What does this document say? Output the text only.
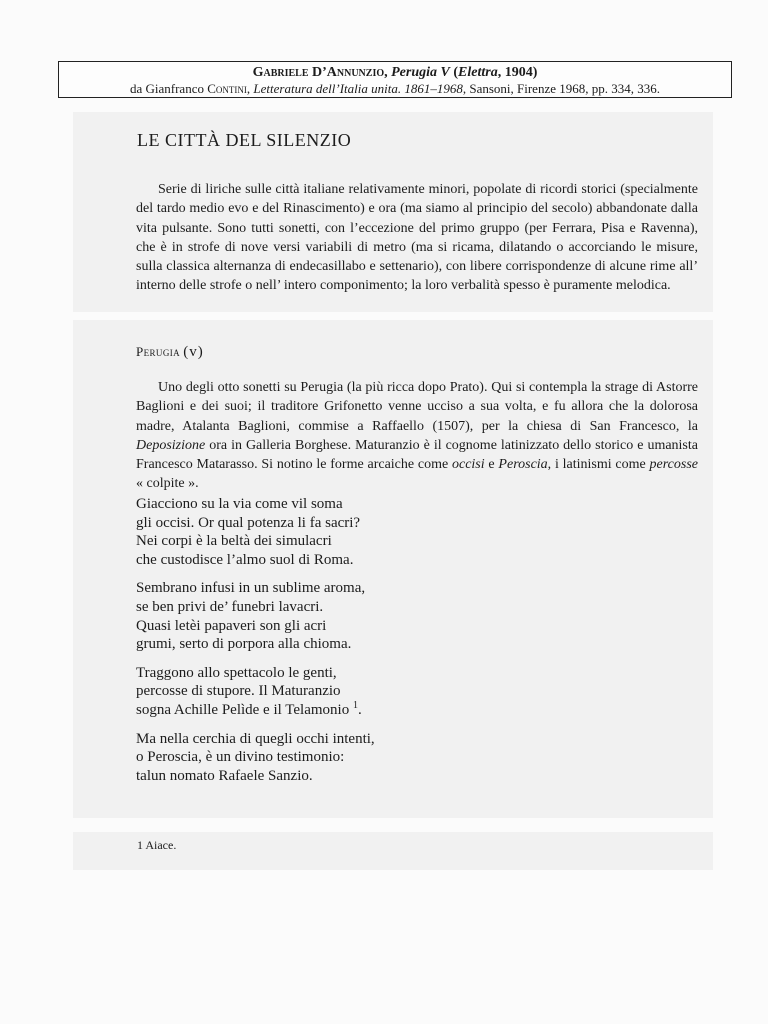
Gabriele D’Annunzio, Perugia V (Elettra, 1904)
da Gianfranco Contini, Letteratura dell’Italia unita. 1861–1968, Sansoni, Firenze 1968, pp. 334, 336.
LE CITTÀ DEL SILENZIO

Serie di liriche sulle città italiane relativamente minori, popolate di ricordi storici (specialmente del tardo medio evo e del Rinascimento) e ora (ma siamo al principio del secolo) abbandonate dalla vita pulsante. Sono tutti sonetti, con l’eccezione del primo gruppo (per Ferrara, Pisa e Ravenna), che è in strofe di nove versi variabili di metro (ma si ricama, dilatando o accorciando le misure, sulla classica alternanza di endecasillabo e settenario), con libere corrispondenze di alcune rime all’ interno delle strofe o nell’ intero componimento; la loro verbalità spesso è puramente melodica.

Perugia (v)

Uno degli otto sonetti su Perugia (la più ricca dopo Prato). Qui si contempla la strage di Astorre Baglioni e dei suoi; il traditore Grifonetto venne ucciso a sua volta, e fu allora che la dolorosa madre, Atalanta Baglioni, commise a Raffaello (1507), per la chiesa di San Francesco, la Deposizione ora in Galleria Borghese. Maturanzio è il cognome latinizzato dello storico e umanista Francesco Matarasso. Si notino le forme arcaiche come occisi e Peroscia, i latinismi come percosse « colpite ».

Giacciono su la via come vil soma
gli occisi. Or qual potenza li fa sacri?
Nei corpi è la beltà dei simulacri
che custodisce l’almo suol di Roma.
Sembrano infusi in un sublime aroma,
se ben privi de’ funebri lavacri.
Quasi letèi papaveri son gli acri
grumi, serto di porpora alla chioma.
Traggono allo spettacolo le genti,
percosse di stupore. Il Maturanzio
sogna Achille Pelìde e il Telamonio $^1$.
Ma nella cerchia di quegli occhi intenti,
o Peroscia, è un divino testimonio:
talun nomato Rafaele Sanzio.

1 Aiace.
